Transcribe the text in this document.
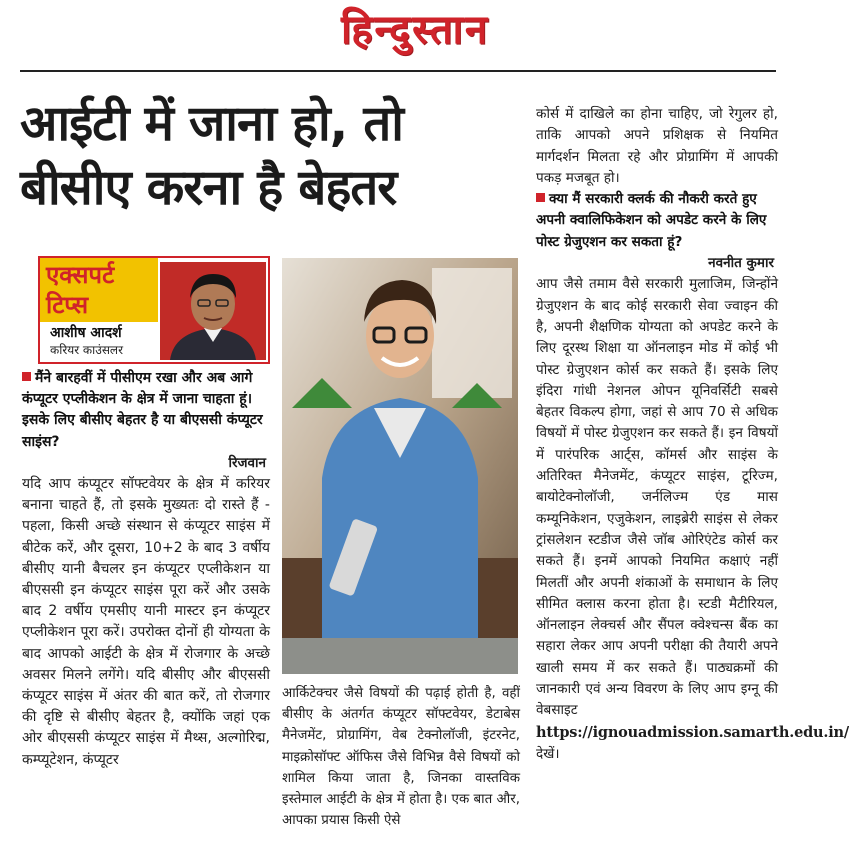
हिन्दुस्तान
आईटी में जाना हो, तो बीसीए करना है बेहतर
एक्सपर्ट
टिप्स
आशीष आदर्श
करियर काउंसलर

मैंने बारहवीं में पीसीएम रखा और अब आगे कंप्यूटर एप्लीकेशन के क्षेत्र में जाना चाहता हूं। इसके लिए बीसीए बेहतर है या बीएससी कंप्यूटर साइंस?

रिजवान

यदि आप कंप्यूटर सॉफ्टवेयर के क्षेत्र में करियर बनाना चाहते हैं, तो इसके मुख्यतः दो रास्ते हैं - पहला, किसी अच्छे संस्थान से कंप्यूटर साइंस में बीटेक करें, और दूसरा, 10+2 के बाद 3 वर्षीय बीसीए यानी बैचलर इन कंप्यूटर एप्लीकेशन या बीएससी इन कंप्यूटर साइंस पूरा करें और उसके बाद 2 वर्षीय एमसीए यानी मास्टर इन कंप्यूटर एप्लीकेशन पूरा करें। उपरोक्त दोनों ही योग्यता के बाद आपको आईटी के क्षेत्र में रोजगार के अच्छे अवसर मिलने लगेंगे। यदि बीसीए और बीएससी कंप्यूटर साइंस में अंतर की बात करें, तो रोजगार की दृष्टि से बीसीए बेहतर है, क्योंकि जहां एक ओर बीएससी कंप्यूटर साइंस में मैथ्स, अल्गोरिद्म, कम्प्यूटेशन, कंप्यूटर

आर्किटेक्चर जैसे विषयों की पढ़ाई होती है, वहीं बीसीए के अंतर्गत कंप्यूटर सॉफ्टवेयर, डेटाबेस मैनेजमेंट, प्रोग्रामिंग, वेब टेक्नोलॉजी, इंटरनेट, माइक्रोसॉफ्ट ऑफिस जैसे विभिन्न वैसे विषयों को शामिल किया जाता है, जिनका वास्तविक इस्तेमाल आईटी के क्षेत्र में होता है। एक बात और, आपका प्रयास किसी ऐसे

कोर्स में दाखिले का होना चाहिए, जो रेगुलर हो, ताकि आपको अपने प्रशिक्षक से नियमित मार्गदर्शन मिलता रहे और प्रोग्रामिंग में आपकी पकड़ मजबूत हो।

क्या मैं सरकारी क्लर्क की नौकरी करते हुए अपनी क्वालिफिकेशन को अपडेट करने के लिए पोस्ट ग्रेजुएशन कर सकता हूं?

नवनीत कुमार

आप जैसे तमाम वैसे सरकारी मुलाजिम, जिन्होंने ग्रेजुएशन के बाद कोई सरकारी सेवा ज्वाइन की है, अपनी शैक्षणिक योग्यता को अपडेट करने के लिए दूरस्थ शिक्षा या ऑनलाइन मोड में कोई भी पोस्ट ग्रेजुएशन कोर्स कर सकते हैं। इसके लिए इंदिरा गांधी नेशनल ओपन यूनिवर्सिटी सबसे बेहतर विकल्प होगा, जहां से आप 70 से अधिक विषयों में पोस्ट ग्रेजुएशन कर सकते हैं। इन विषयों में पारंपरिक आर्ट्स, कॉमर्स और साइंस के अतिरिक्त मैनेजमेंट, कंप्यूटर साइंस, टूरिज्म, बायोटेक्नोलॉजी, जर्नलिज्म एंड मास कम्यूनिकेशन, एजुकेशन, लाइब्रेरी साइंस से लेकर ट्रांसलेशन स्टडीज जैसे जॉब ओरिएंटेड कोर्स कर सकते हैं। इनमें आपको नियमित कक्षाएं नहीं मिलतीं और अपनी शंकाओं के समाधान के लिए सीमित क्लास करना होता है। स्टडी मैटीरियल, ऑनलाइन लेक्चर्स और सैंपल क्वेश्चन्स बैंक का सहारा लेकर आप अपनी परीक्षा की तैयारी अपने खाली समय में कर सकते हैं। पाठ्यक्रमों की जानकारी एवं अन्य विवरण के लिए आप इग्नू की वेबसाइट https://ignouadmission.samarth.edu.in/ देखें।
